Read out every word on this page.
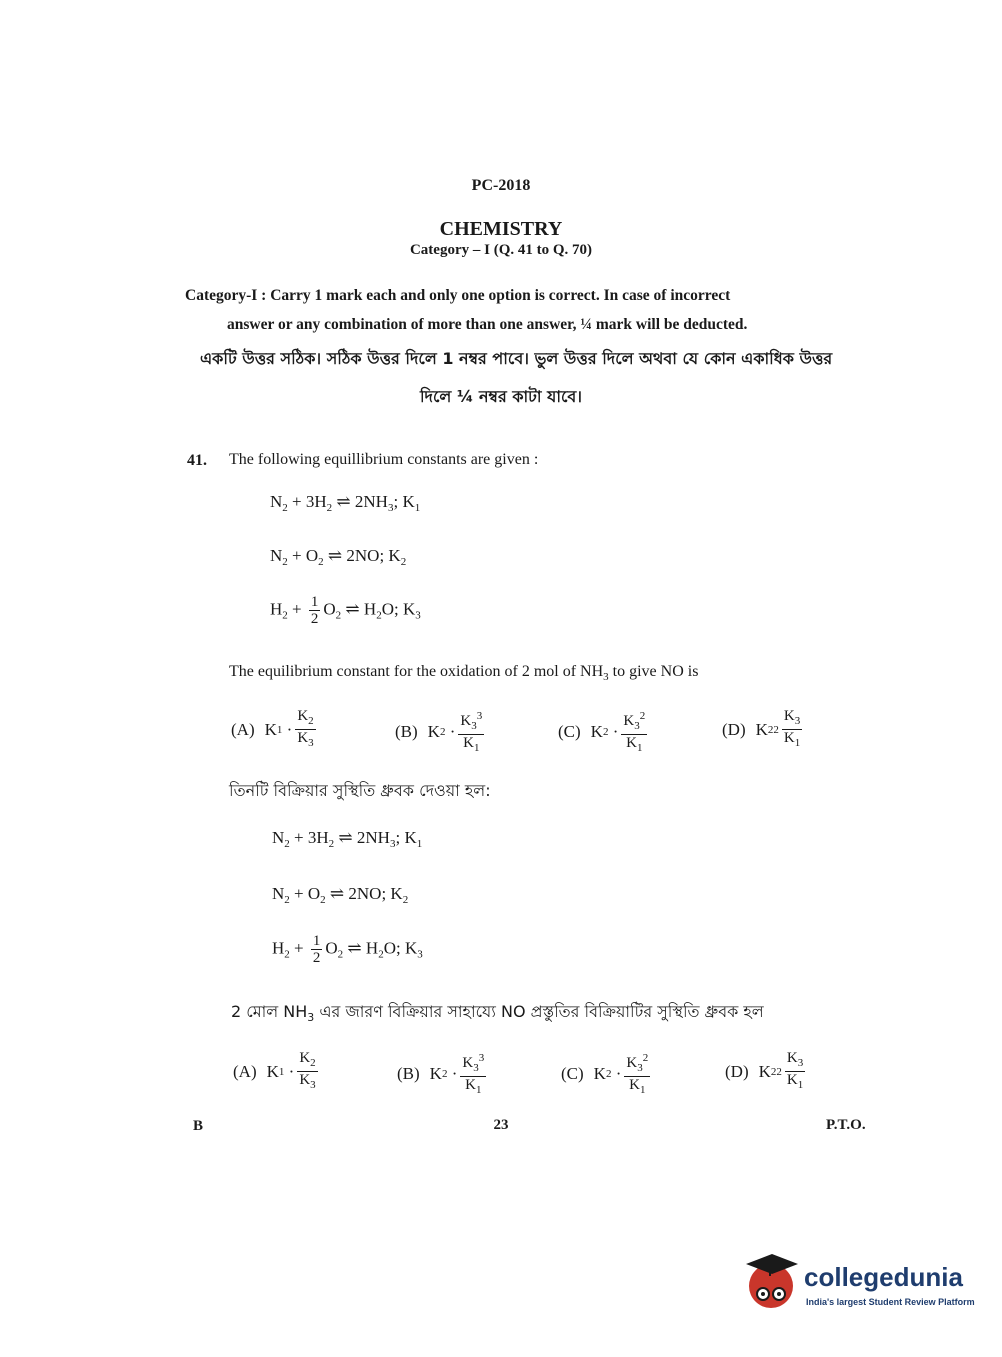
PC-2018
CHEMISTRY
Category – I (Q. 41 to Q. 70)
Category-I : Carry 1 mark each and only one option is correct. In case of incorrect
answer or any combination of more than one answer, ¼ mark will be deducted.
একটি উত্তর সঠিক। সঠিক উত্তর দিলে 1 নম্বর পাবে। ভুল উত্তর দিলে অথবা যে কোন একাধিক উত্তর
দিলে ¼ নম্বর কাটা যাবে।
41. The following equillibrium constants are given :
$N_2 + 3H_2$ ⇌ $2NH_3$; $K_1$
$N_2 + O_2$ ⇌ 2NO; $K_2$
$H_2 + \frac{1}{2} O_2$ ⇌ $H_2O$; $K_3$
The equilibrium constant for the oxidation of 2 mol of $NH_3$ to give NO is
(A) K $1 \cdot \frac{K_2}{K_3}$	(B) K $2 \cdot \frac{K_3^3}{K_1}$	(C) K $2 \cdot \frac{K_3^2}{K_1}$	(D) K 2 $2 \frac{K_3}{K_1}$
তিনটি বিক্রিয়ার সুস্থিতি ধ্রুবক দেওয়া হল:
$N_2 + 3H_2$ ⇌ $2NH_3$; $K_1$
$N_2 + O_2$ ⇌ 2NO; $K_2$
$H_2 + \frac{1}{2} O_2$ ⇌ $H_2O$; $K_3$
2 মোল $NH_3$ এর জারণ বিক্রিয়ার সাহায্যে NO প্রস্তুতির বিক্রিয়াটির সুস্থিতি ধ্রুবক হল
(A) K $1 \cdot \frac{K_2}{K_3}$	(B) K $2 \cdot \frac{K_3^3}{K_1}$	(C) K $2 \cdot \frac{K_3^2}{K_1}$	(D) K 2 $2 \frac{K_3}{K_1}$
B	23	P.T.O.
collegedunia
India's largest Student Review Platform
